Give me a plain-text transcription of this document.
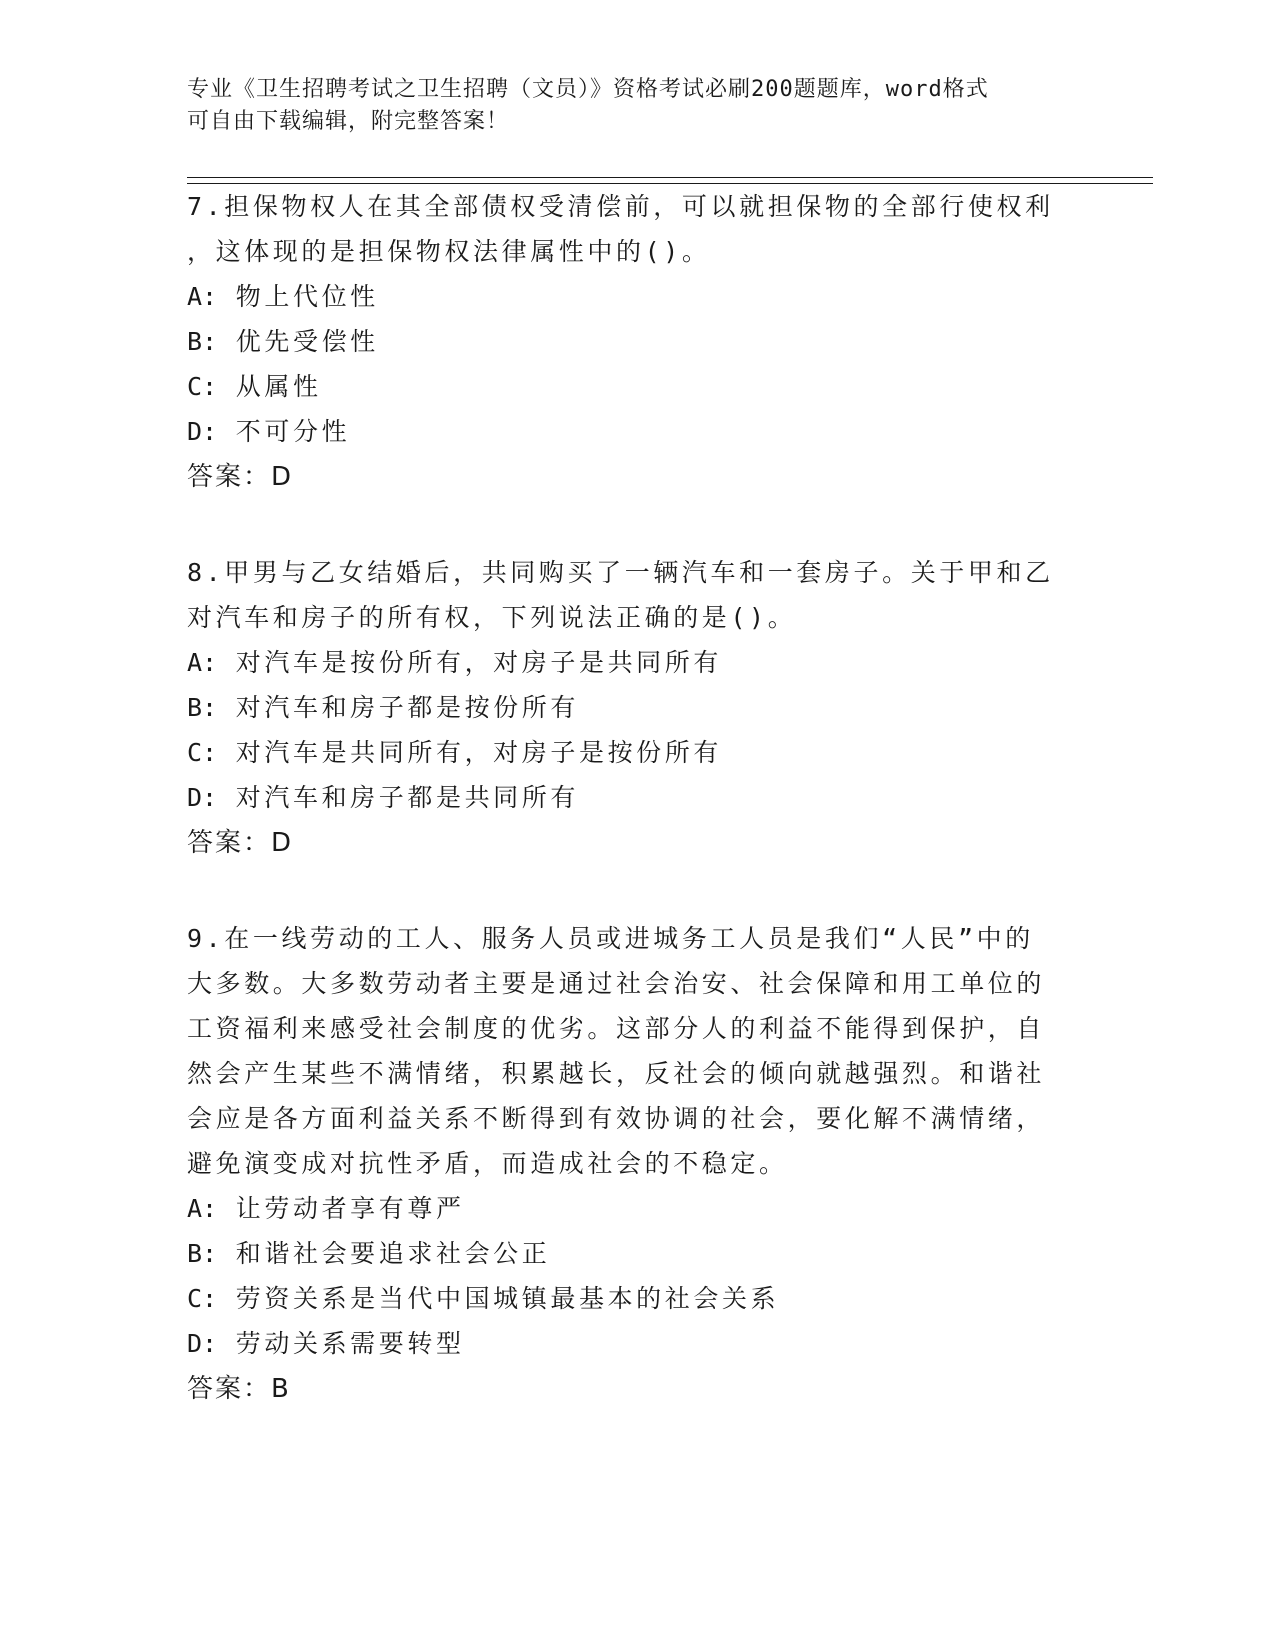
专业《卫生招聘考试之卫生招聘（文员）》资格考试必刷200题题库，word格式
可自由下载编辑，附完整答案！

7.担保物权人在其全部债权受清偿前，可以就担保物的全部行使权利

，这体现的是担保物权法律属性中的()。

A: 物上代位性

B: 优先受偿性

C: 从属性

D: 不可分性

答案：D

8.甲男与乙女结婚后，共同购买了一辆汽车和一套房子。关于甲和乙

对汽车和房子的所有权，下列说法正确的是()。

A: 对汽车是按份所有，对房子是共同所有

B: 对汽车和房子都是按份所有

C: 对汽车是共同所有，对房子是按份所有

D: 对汽车和房子都是共同所有

答案：D

9.在一线劳动的工人、服务人员或进城务工人员是我们“人民”中的

大多数。大多数劳动者主要是通过社会治安、社会保障和用工单位的

工资福利来感受社会制度的优劣。这部分人的利益不能得到保护，自

然会产生某些不满情绪，积累越长，反社会的倾向就越强烈。和谐社

会应是各方面利益关系不断得到有效协调的社会，要化解不满情绪，

避免演变成对抗性矛盾，而造成社会的不稳定。

A: 让劳动者享有尊严

B: 和谐社会要追求社会公正

C: 劳资关系是当代中国城镇最基本的社会关系

D: 劳动关系需要转型

答案：B
